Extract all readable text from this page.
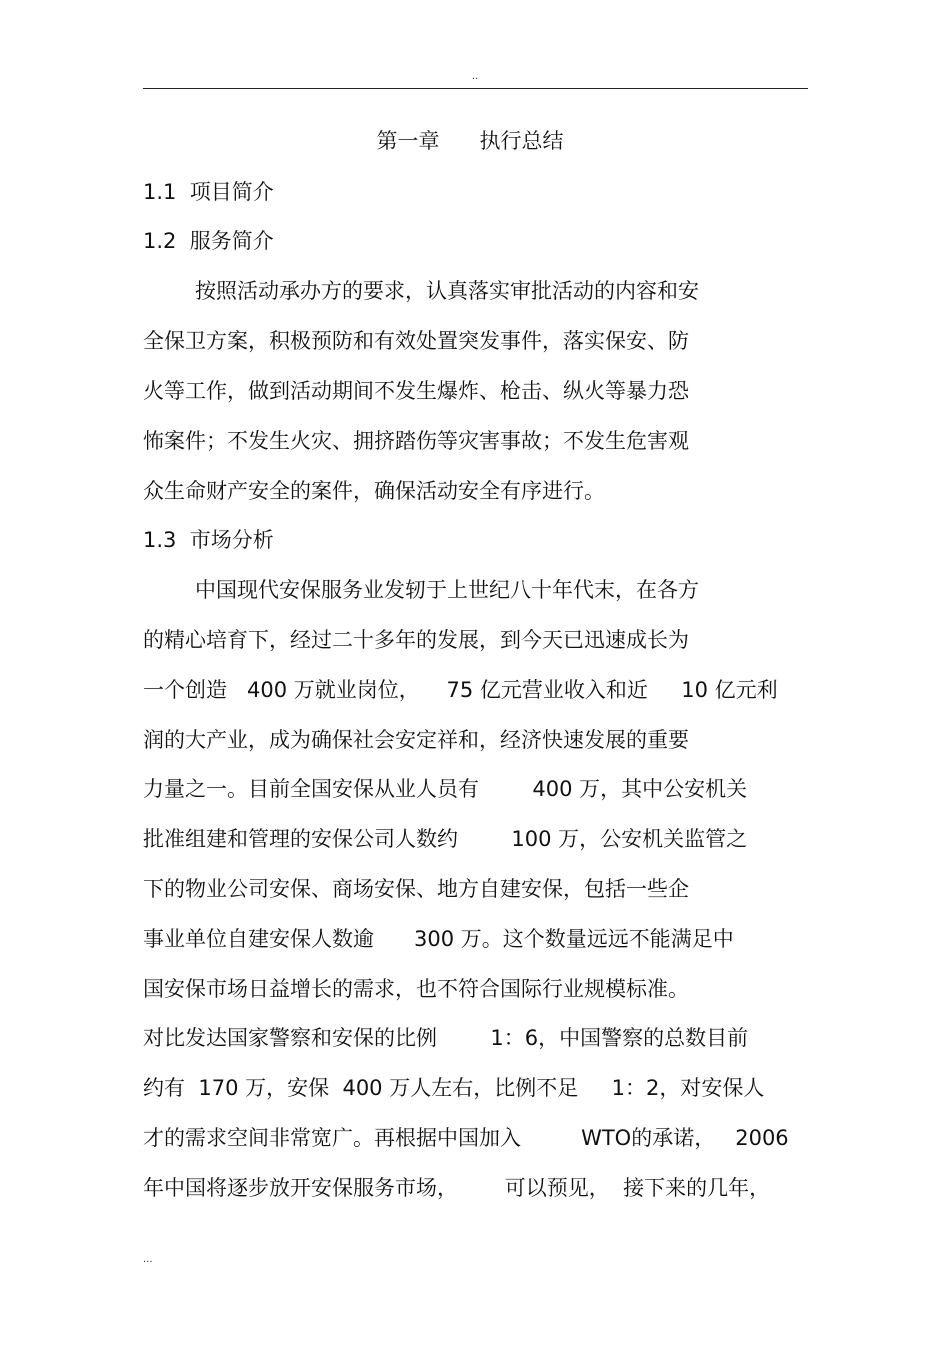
..
第一章      执行总结
1.1  项目简介
1.2  服务简介
按照活动承办方的要求，认真落实审批活动的内容和安
全保卫方案，积极预防和有效处置突发事件，落实保安、防
火等工作，做到活动期间不发生爆炸、枪击、纵火等暴力恐
怖案件；不发生火灾、拥挤踏伤等灾害事故；不发生危害观
众生命财产安全的案件，确保活动安全有序进行。
1.3  市场分析
中国现代安保服务业发轫于上世纪八十年代末，在各方
的精心培育下，经过二十多年的发展，到今天已迅速成长为
一个创造   400 万就业岗位，    75 亿元营业收入和近     10 亿元利
润的大产业，成为确保社会安定祥和，经济快速发展的重要
力量之一。目前全国安保从业人员有        400 万，其中公安机关
批准组建和管理的安保公司人数约        100 万，公安机关监管之
下的物业公司安保、商场安保、地方自建安保，包括一些企
事业单位自建安保人数逾      300 万。这个数量远远不能满足中
国安保市场日益增长的需求，也不符合国际行业规模标准。
对比发达国家警察和安保的比例        1：6，中国警察的总数目前
约有  170 万，安保  400 万人左右，比例不足     1：2，对安保人
才的需求空间非常宽广。再根据中国加入         WTO的承诺，   2006
年中国将逐步放开安保服务市场，       可以预见，  接下来的几年，
...
